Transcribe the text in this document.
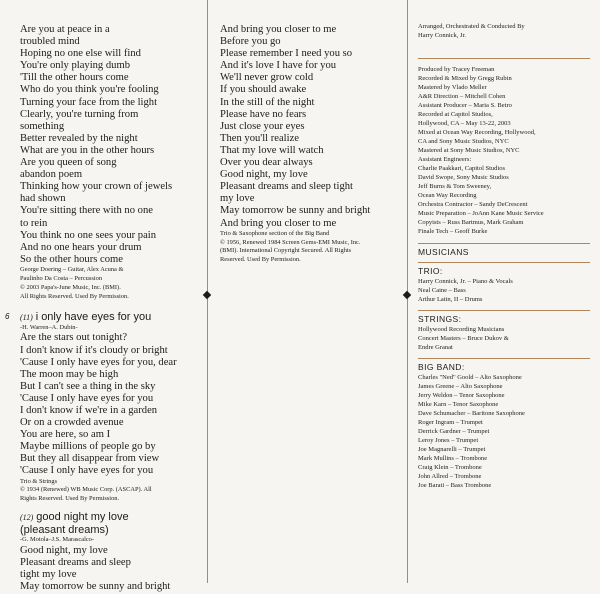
Are you at peace in a

troubled mind

Hoping no one else will find

You're only playing dumb

'Till the other hours come

Who do you think you're fooling

Turning your face from the light

Clearly, you're turning from

something

Better revealed by the night

What are you in the other hours

Are you queen of song

abandon poem

Thinking how your crown of jewels

had shown

You're sitting there with no one

to rein

You think no one sees your pain

And no one hears your drum

So the other hours come

George Doering – Guitar, Alex Acuna &

Paulinho Da Costa – Percussion

© 2003 Papa's-June Music, Inc. (BMI).

All Rights Reserved. Used By Permission.

6 (11) i only have eyes for you

-H. Warren–A. Dubin-

Are the stars out tonight?

I don't know if it's cloudy or bright

'Cause I only have eyes for you, dear

The moon may be high

But I can't see a thing in the sky

'Cause I only have eyes for you

I don't know if we're in a garden

Or on a crowded avenue

You are here, so am I

Maybe millions of people go by

But they all disappear from view

'Cause I only have eyes for you

Trio & Strings

© 1934 (Renewed) WB Music Corp. (ASCAP). All

Rights Reserved. Used By Permission.

(12) good night my love
(pleasant dreams)

-G. Motola–J.S. Marascalco-

Good night, my love

Pleasant dreams and sleep

tight my love

May tomorrow be sunny and bright

And bring you closer to me

Before you go

Please remember I need you so

And it's love I have for you

We'll never grow cold

If you should awake

In the still of the night

Please have no fears

Just close your eyes

Then you'll realize

That my love will watch

Over you dear always

Good night, my love

Pleasant dreams and sleep tight

my love

May tomorrow be sunny and bright

And bring you closer to me

Trio & Saxophone section of the Big Band

© 1956, Renewed 1984 Screen Gems-EMI Music, Inc.

(BMI). International Copyright Secured. All Rights

Reserved. Used By Permission.

Arranged, Orchestrated & Conducted By

Harry Connick, Jr.

Produced by Tracey Freeman

Recorded & Mixed by Gregg Rubin

Mastered by Vlado Meller

A&R Direction – Mitchell Cohen

Assistant Producer – Maria S. Betro

Recorded at Capitol Studios,

Hollywood, CA – May 13-22, 2003

Mixed at Ocean Way Recording, Hollywood,

CA and Sony Music Studios, NYC

Mastered at Sony Music Studios, NYC

Assistant Engineers:

Charlie Paakkari, Capitol Studios

David Swope, Sony Music Studios

Jeff Burns & Tom Sweeney,

Ocean Way Recording

Orchestra Contractor – Sandy DeCrescent

Music Preparation – JoAnn Kane Music Service

Copyists – Russ Bartmus, Mark Graham

Finale Tech – Geoff Burke

MUSICIANS
TRIO:

Harry Connick, Jr. – Piano & Vocals

Neal Caine – Bass

Arthur Latin, II – Drums

STRINGS:

Hollywood Recording Musicians

Concert Masters – Bruce Dukov &

Endre Granat

BIG BAND:

Charles "Ned" Goold – Alto Saxophone

James Greene – Alto Saxophone

Jerry Weldon – Tenor Saxophone

Mike Karn – Tenor Saxophone

Dave Schumacher – Baritone Saxophone

Roger Ingram – Trumpet

Derrick Gardner – Trumpet

Leroy Jones – Trumpet

Joe Magnarelli – Trumpet

Mark Mullins – Trombone

Craig Klein – Trombone

John Allred – Trombone

Joe Barati – Bass Trombone
